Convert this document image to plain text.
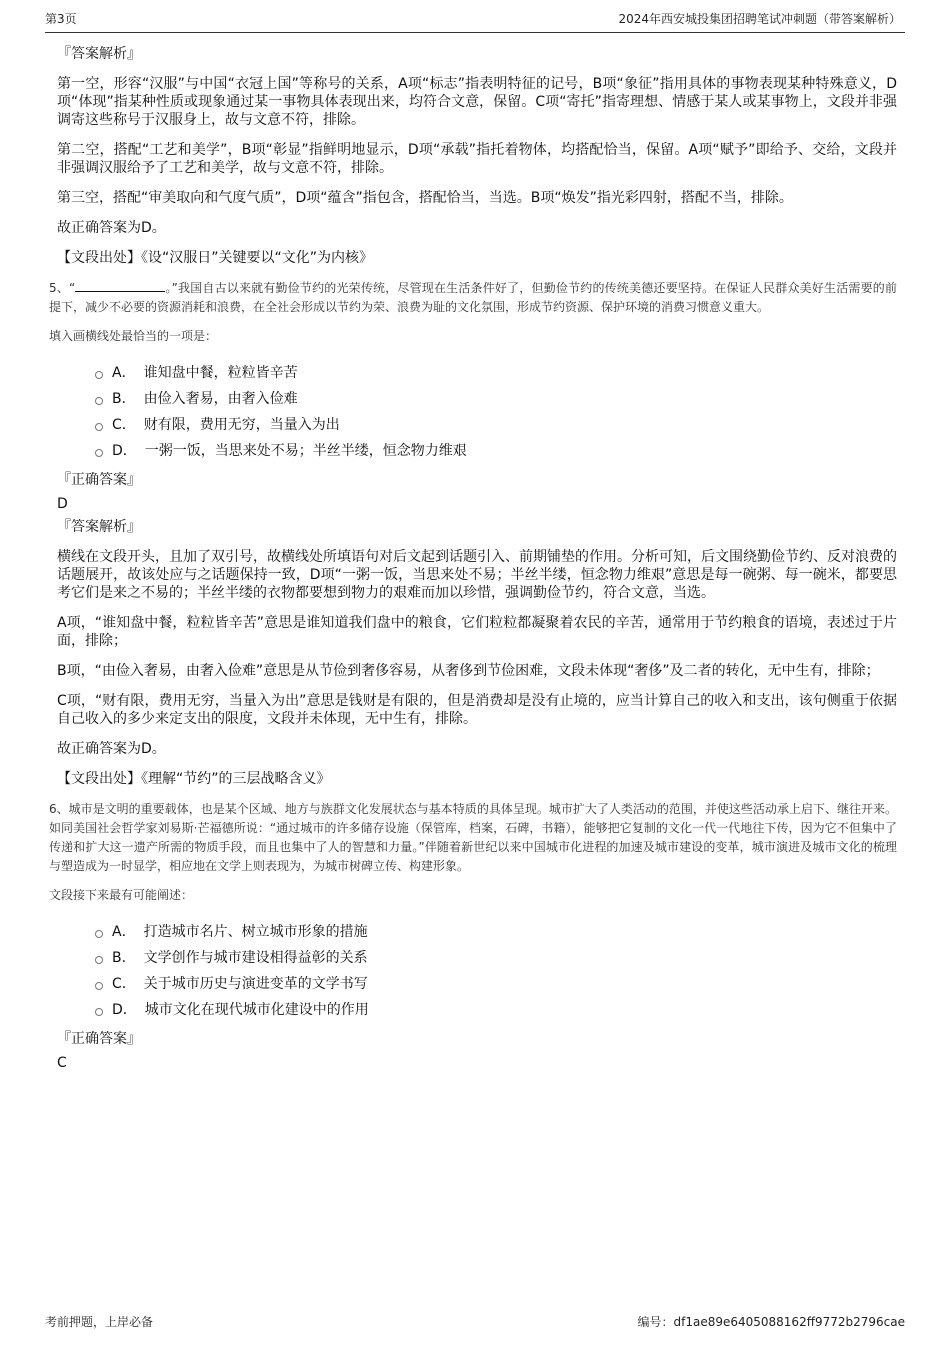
第3页	2024年西安城投集团招聘笔试冲刺题（带答案解析）

『答案解析』

第一空，形容“汉服”与中国“衣冠上国”等称号的关系，A项“标志”指表明特征的记号，B项“象征”指用具体的事物表现某种特殊意义，D项“体现”指某种性质或现象通过某一事物具体表现出来，均符合文意，保留。C项“寄托”指寄理想、情感于某人或某事物上，文段并非强调寄这些称号于汉服身上，故与文意不符，排除。

第二空，搭配“工艺和美学”，B项“彰显”指鲜明地显示，D项“承载”指托着物体，均搭配恰当，保留。A项“赋予”即给予、交给，文段并非强调汉服给予了工艺和美学，故与文意不符，排除。

第三空，搭配“审美取向和气度气质”，D项“蕴含”指包含，搭配恰当，当选。B项“焕发”指光彩四射，搭配不当，排除。

故正确答案为D。

【文段出处】《设“汉服日”关键要以“文化”为内核》

5、“	。”我国自古以来就有勤俭节约的光荣传统，尽管现在生活条件好了，但勤俭节约的传统美德还要坚持。在保证人民群众美好生活需要的前提下，减少不必要的资源消耗和浪费，在全社会形成以节约为荣、浪费为耻的文化氛围，形成节约资源、保护环境的消费习惯意义重大。

填入画横线处最恰当的一项是：

A． 谁知盘中餐，粒粒皆辛苦
B． 由俭入奢易，由奢入俭难
C． 财有限，费用无穷，当量入为出
D． 一粥一饭，当思来处不易；半丝半缕，恒念物力维艰

『正确答案』

D

『答案解析』

横线在文段开头，且加了双引号，故横线处所填语句对后文起到话题引入、前期铺垫的作用。分析可知，后文围绕勤俭节约、反对浪费的话题展开，故该处应与之话题保持一致，D项“一粥一饭，当思来处不易；半丝半缕，恒念物力维艰”意思是每一碗粥、每一碗米，都要思考它们是来之不易的；半丝半缕的衣物都要想到物力的艰难而加以珍惜，强调勤俭节约，符合文意，当选。

A项，“谁知盘中餐，粒粒皆辛苦”意思是谁知道我们盘中的粮食，它们粒粒都凝聚着农民的辛苦，通常用于节约粮食的语境，表述过于片面，排除；

B项，“由俭入奢易，由奢入俭难”意思是从节俭到奢侈容易，从奢侈到节俭困难，文段未体现“奢侈”及二者的转化，无中生有，排除；

C项，“财有限，费用无穷，当量入为出”意思是钱财是有限的，但是消费却是没有止境的，应当计算自己的收入和支出，该句侧重于依据自己收入的多少来定支出的限度，文段并未体现，无中生有，排除。

故正确答案为D。

【文段出处】《理解“节约”的三层战略含义》

6、城市是文明的重要载体，也是某个区域、地方与族群文化发展状态与基本特质的具体呈现。城市扩大了人类活动的范围，并使这些活动承上启下、继往开来。如同美国社会哲学家刘易斯·芒福德所说：“通过城市的许多储存设施（保管库，档案，石碑，书籍），能够把它复制的文化一代一代地往下传，因为它不但集中了传递和扩大这一遗产所需的物质手段，而且也集中了人的智慧和力量。”伴随着新世纪以来中国城市化进程的加速及城市建设的变革，城市演进及城市文化的梳理与塑造成为一时显学，相应地在文学上则表现为，为城市树碑立传、构建形象。

文段接下来最有可能阐述：

A． 打造城市名片、树立城市形象的措施
B． 文学创作与城市建设相得益彰的关系
C． 关于城市历史与演进变革的文学书写
D． 城市文化在现代城市化建设中的作用

『正确答案』

C

考前押题，上岸必备	编号：df1ae89e6405088162ff9772b2796cae
